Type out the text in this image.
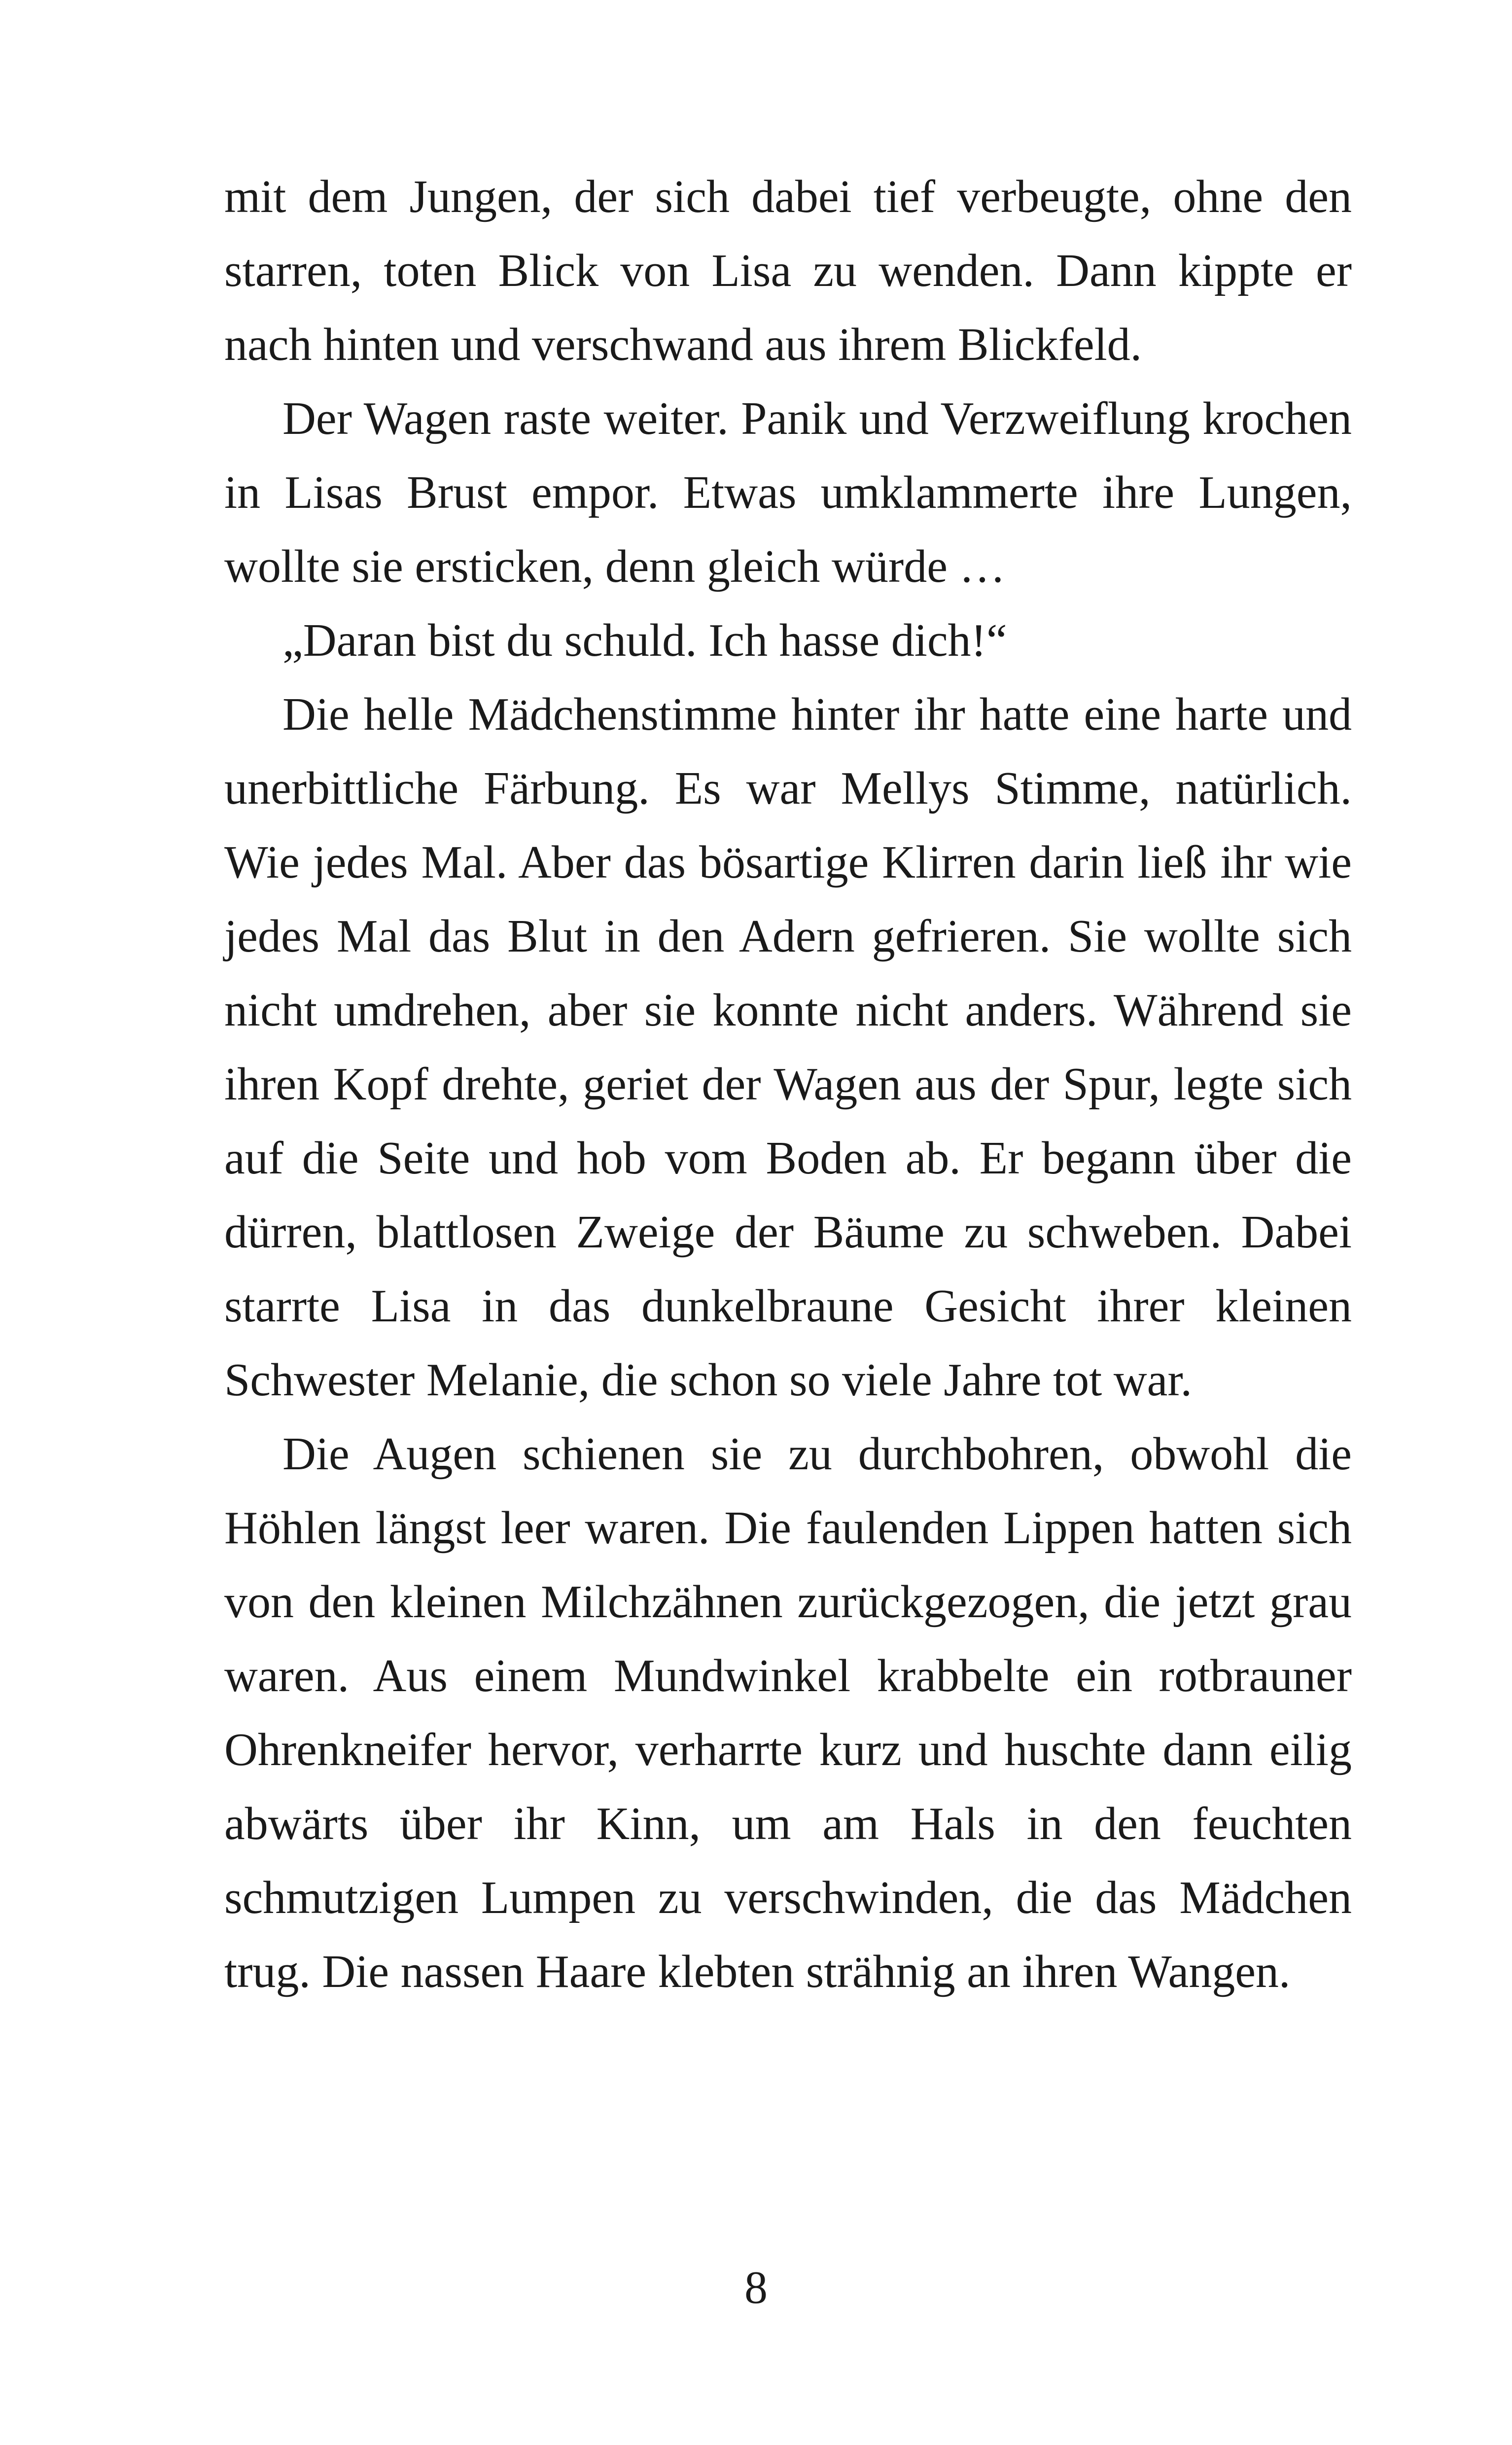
mit dem Jungen, der sich dabei tief verbeugte, ohne den starren, toten Blick von Lisa zu wenden. Dann kippte er nach hinten und verschwand aus ihrem Blickfeld.

Der Wagen raste weiter. Panik und Verzweiflung krochen in Lisas Brust empor. Etwas umklammerte ihre Lungen, wollte sie ersticken, denn gleich würde …

„Daran bist du schuld. Ich hasse dich!“

Die helle Mädchenstimme hinter ihr hatte eine harte und unerbittliche Färbung. Es war Mellys Stimme, natürlich. Wie jedes Mal. Aber das bösartige Klirren darin ließ ihr wie jedes Mal das Blut in den Adern gefrieren. Sie wollte sich nicht umdrehen, aber sie konnte nicht anders. Während sie ihren Kopf drehte, geriet der Wagen aus der Spur, legte sich auf die Seite und hob vom Boden ab. Er begann über die dürren, blattlosen Zweige der Bäume zu schweben. Dabei starrte Lisa in das dunkelbraune Gesicht ihrer kleinen Schwester Melanie, die schon so viele Jahre tot war.

Die Augen schienen sie zu durchbohren, obwohl die Höhlen längst leer waren. Die faulenden Lippen hatten sich von den kleinen Milchzähnen zurückgezogen, die jetzt grau waren. Aus einem Mundwinkel krabbelte ein rotbrauner Ohrenkneifer hervor, verharrte kurz und huschte dann eilig abwärts über ihr Kinn, um am Hals in den feuchten schmutzigen Lumpen zu verschwinden, die das Mädchen trug. Die nassen Haare klebten strähnig an ihren Wangen.

8
